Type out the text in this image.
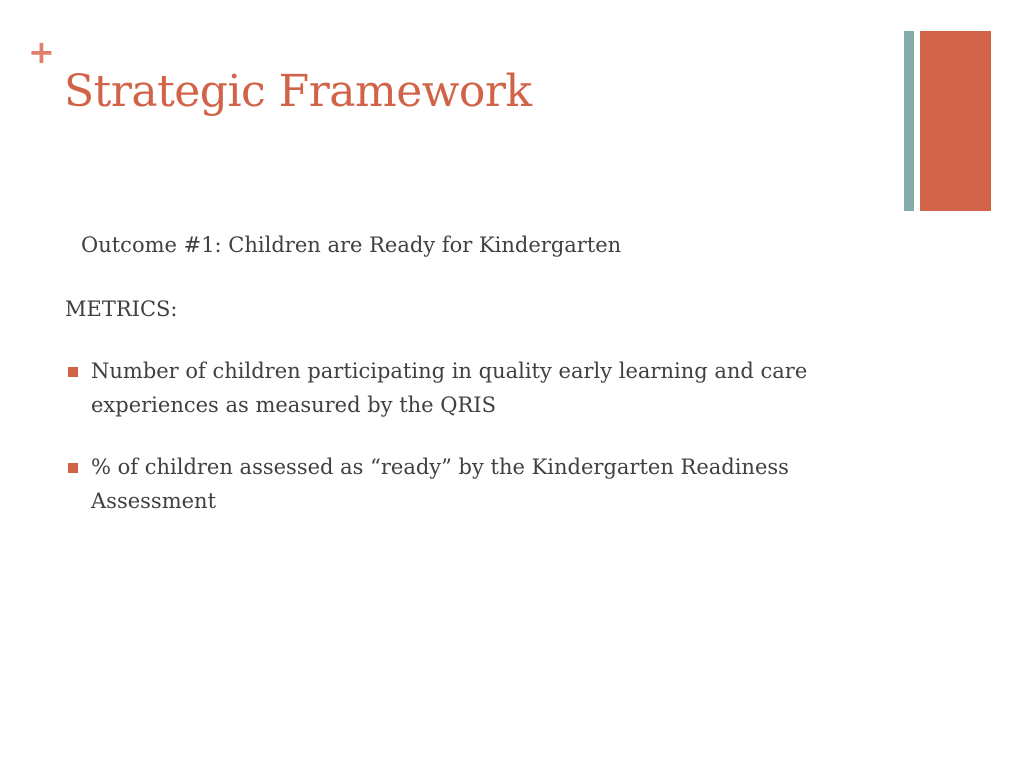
+
Strategic Framework
Outcome #1: Children are Ready for Kindergarten
METRICS:
Number of children participating in quality early learning and care experiences as measured by the QRIS
% of children assessed as “ready” by the Kindergarten Readiness Assessment
